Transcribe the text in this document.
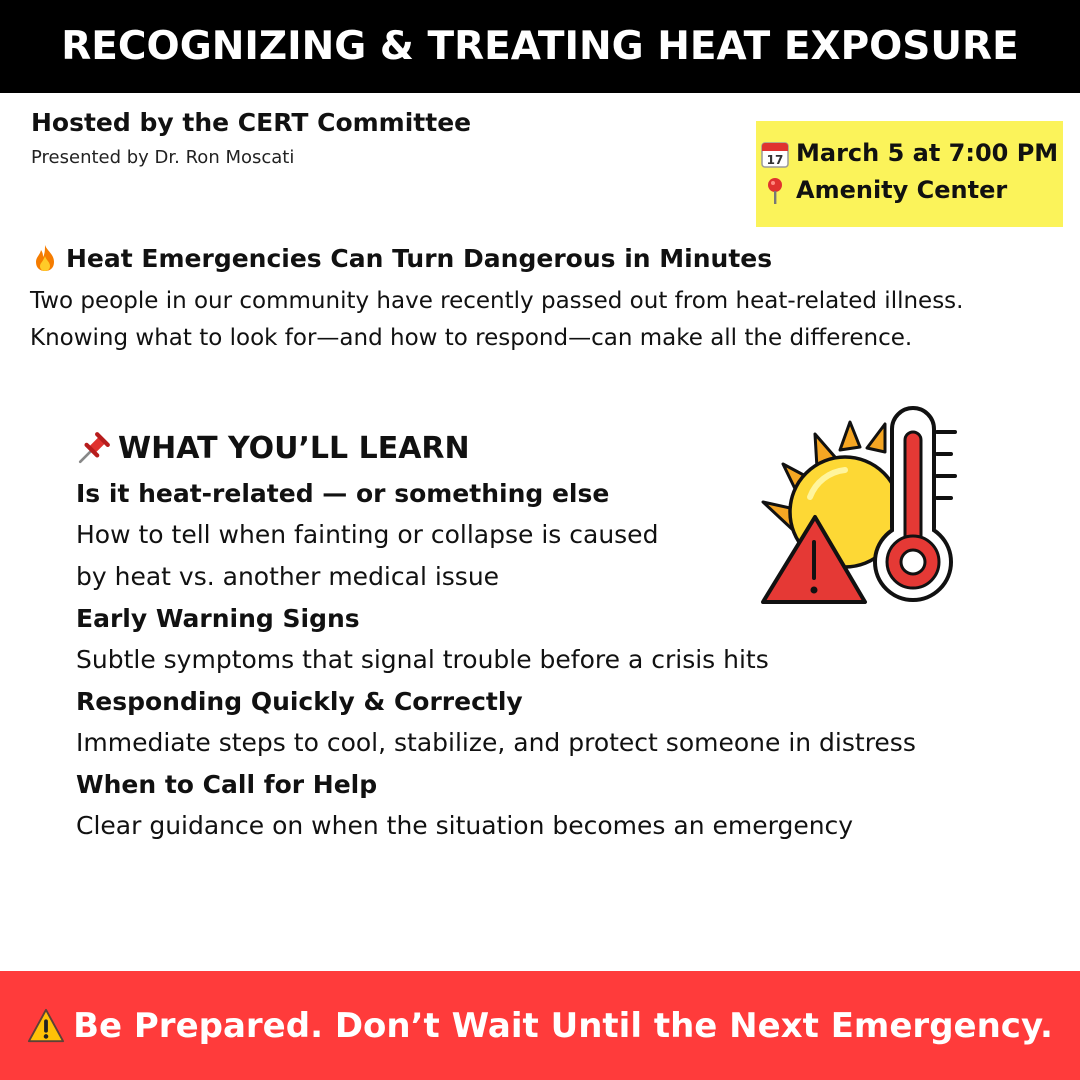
RECOGNIZING & TREATING HEAT EXPOSURE
Hosted by the CERT Committee
Presented by Dr. Ron Moscati	17 March 5 at 7:00 PM
Amenity Center
Heat Emergencies Can Turn Dangerous in Minutes

Two people in our community have recently passed out from heat-related illness. Knowing what to look for—and how to respond—can make all the difference.

WHAT YOU’LL LEARN
Is it heat-related — or something else

How to tell when fainting or collapse is caused by heat vs. another medical issue

Early Warning Signs

Subtle symptoms that signal trouble before a crisis hits

Responding Quickly & Correctly

Immediate steps to cool, stabilize, and protect someone in distress

When to Call for Help

Clear guidance on when the situation becomes an emergency

Be Prepared. Don’t Wait Until the Next Emergency.
